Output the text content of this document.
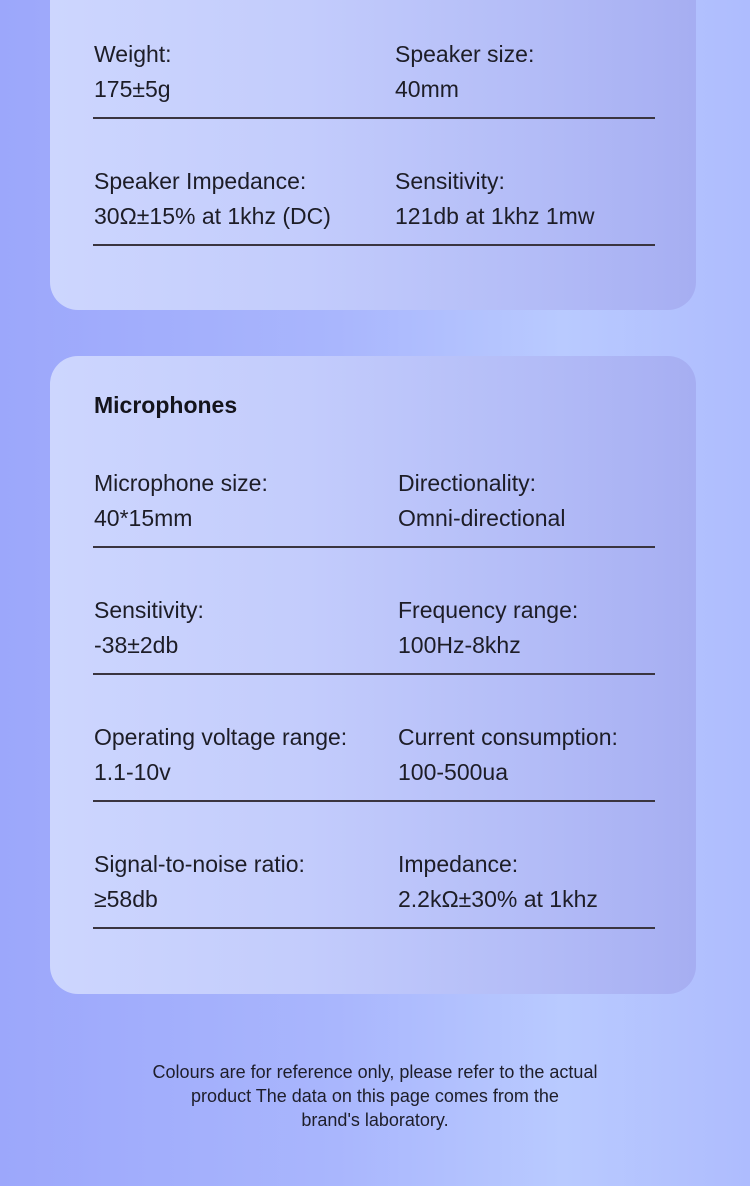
Weight:
175±5g
Speaker size:
40mm
Speaker Impedance:
30Ω±15% at 1khz (DC)
Sensitivity:
121db at 1khz 1mw
Microphones
Microphone size:
40*15mm
Directionality:
Omni-directional
Sensitivity:
-38±2db
Frequency range:
100Hz-8khz
Operating voltage range:
1.1-10v
Current consumption:
100-500ua
Signal-to-noise ratio:
≥58db
Impedance:
2.2kΩ±30% at 1khz
Colours are for reference only, please refer to the actual
product The data on this page comes from the
brand's laboratory.
